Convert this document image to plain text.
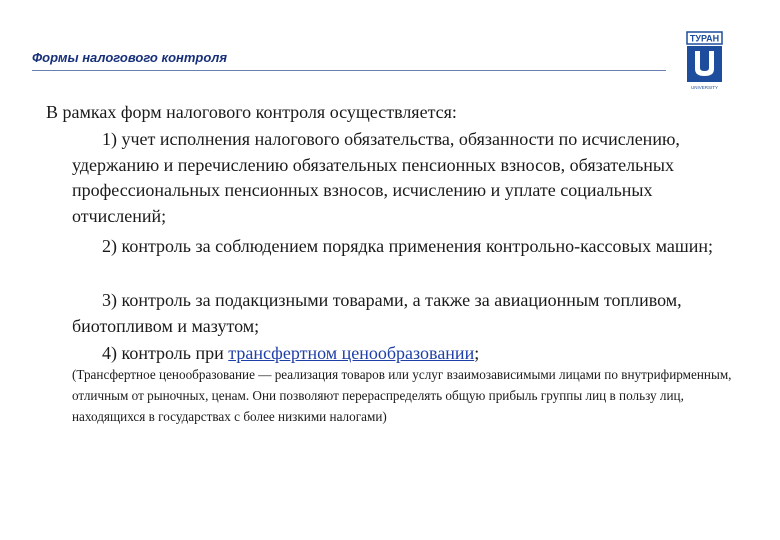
Формы налогового контроля
ТУРАН
UNIVERSITY
В рамках форм налогового контроля осуществляется:
1) учет исполнения налогового обязательства, обязанности по исчислению, удержанию и перечислению обязательных пенсионных взносов, обязательных профессиональных пенсионных взносов, исчислению и уплате социальных отчислений;
2) контроль за соблюдением порядка применения контрольно-кассовых машин;
3) контроль за подакцизными товарами, а также за авиационным топливом, биотопливом и мазутом;
4) контроль при трансфертном ценообразовании;
(Трансфертное ценообразование — реализация товаров или услуг взаимозависимыми лицами по внутрифирменным, отличным от рыночных, ценам. Они позволяют перераспределять общую прибыль группы лиц в пользу лиц, находящихся в государствах с более низкими налогами)
